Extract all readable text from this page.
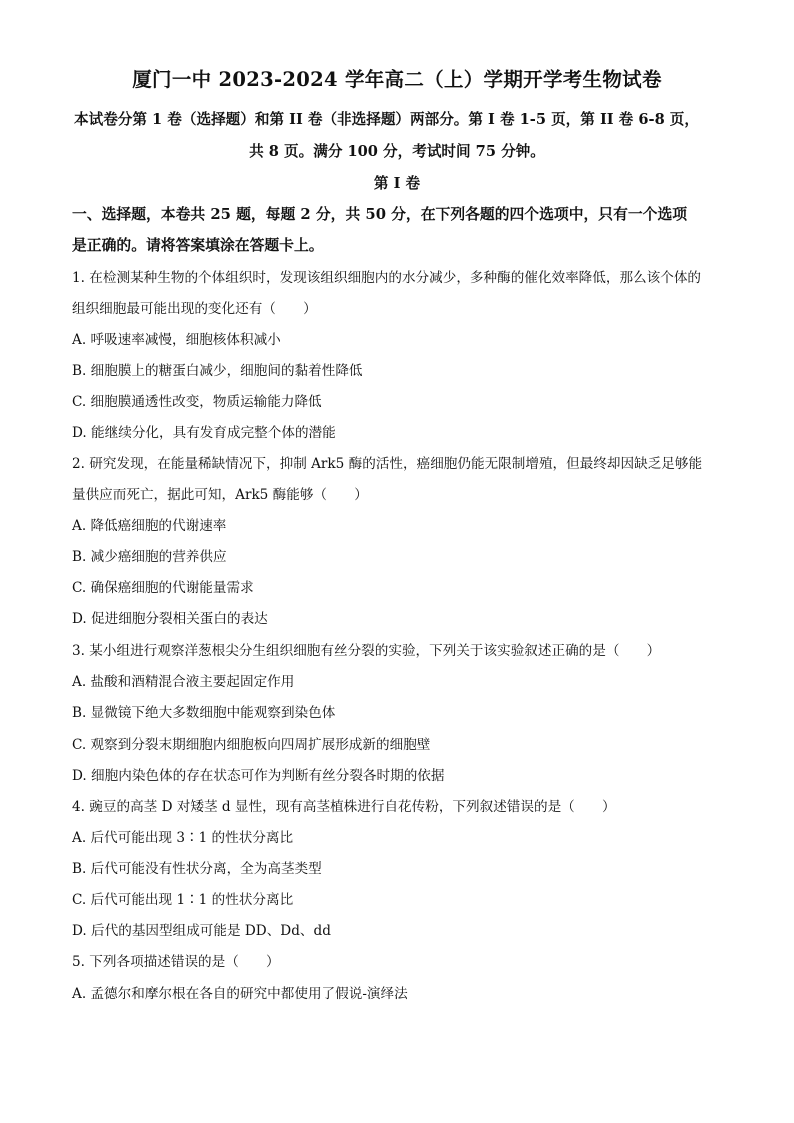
厦门一中 2023-2024 学年高二（上）学期开学考生物试卷
本试卷分第 1 卷（选择题）和第 II 卷（非选择题）两部分。第 I 卷 1-5 页，第 II 卷 6-8 页，
共 8 页。满分 100 分，考试时间 75 分钟。
第 I 卷
一、选择题，本卷共 25 题，每题 2 分，共 50 分，在下列各题的四个选项中，只有一个选项
是正确的。请将答案填涂在答题卡上。
1. 在检测某种生物的个体组织时，发现该组织细胞内的水分减少，多种酶的催化效率降低，那么该个体的
组织细胞最可能出现的变化还有（　　）
A. 呼吸速率减慢，细胞核体积减小
B. 细胞膜上的糖蛋白减少，细胞间的黏着性降低
C. 细胞膜通透性改变，物质运输能力降低
D. 能继续分化，具有发育成完整个体的潜能
2. 研究发现，在能量稀缺情况下，抑制 Ark5 酶的活性，癌细胞仍能无限制增殖，但最终却因缺乏足够能
量供应而死亡，据此可知，Ark5 酶能够（　　）
A. 降低癌细胞的代谢速率
B. 减少癌细胞的营养供应
C. 确保癌细胞的代谢能量需求
D. 促进细胞分裂相关蛋白的表达
3. 某小组进行观察洋葱根尖分生组织细胞有丝分裂的实验，下列关于该实验叙述正确的是（　　）
A. 盐酸和酒精混合液主要起固定作用
B. 显微镜下绝大多数细胞中能观察到染色体
C. 观察到分裂末期细胞内细胞板向四周扩展形成新的细胞壁
D. 细胞内染色体的存在状态可作为判断有丝分裂各时期的依据
4. 豌豆的高茎 D 对矮茎 d 显性，现有高茎植株进行自花传粉，下列叙述错误的是（　　）
A. 后代可能出现 3∶1 的性状分离比
B. 后代可能没有性状分离，全为高茎类型
C. 后代可能出现 1∶1 的性状分离比
D. 后代的基因型组成可能是 DD、Dd、dd
5. 下列各项描述错误的是（　　）
A. 孟德尔和摩尔根在各自的研究中都使用了假说-演绎法
